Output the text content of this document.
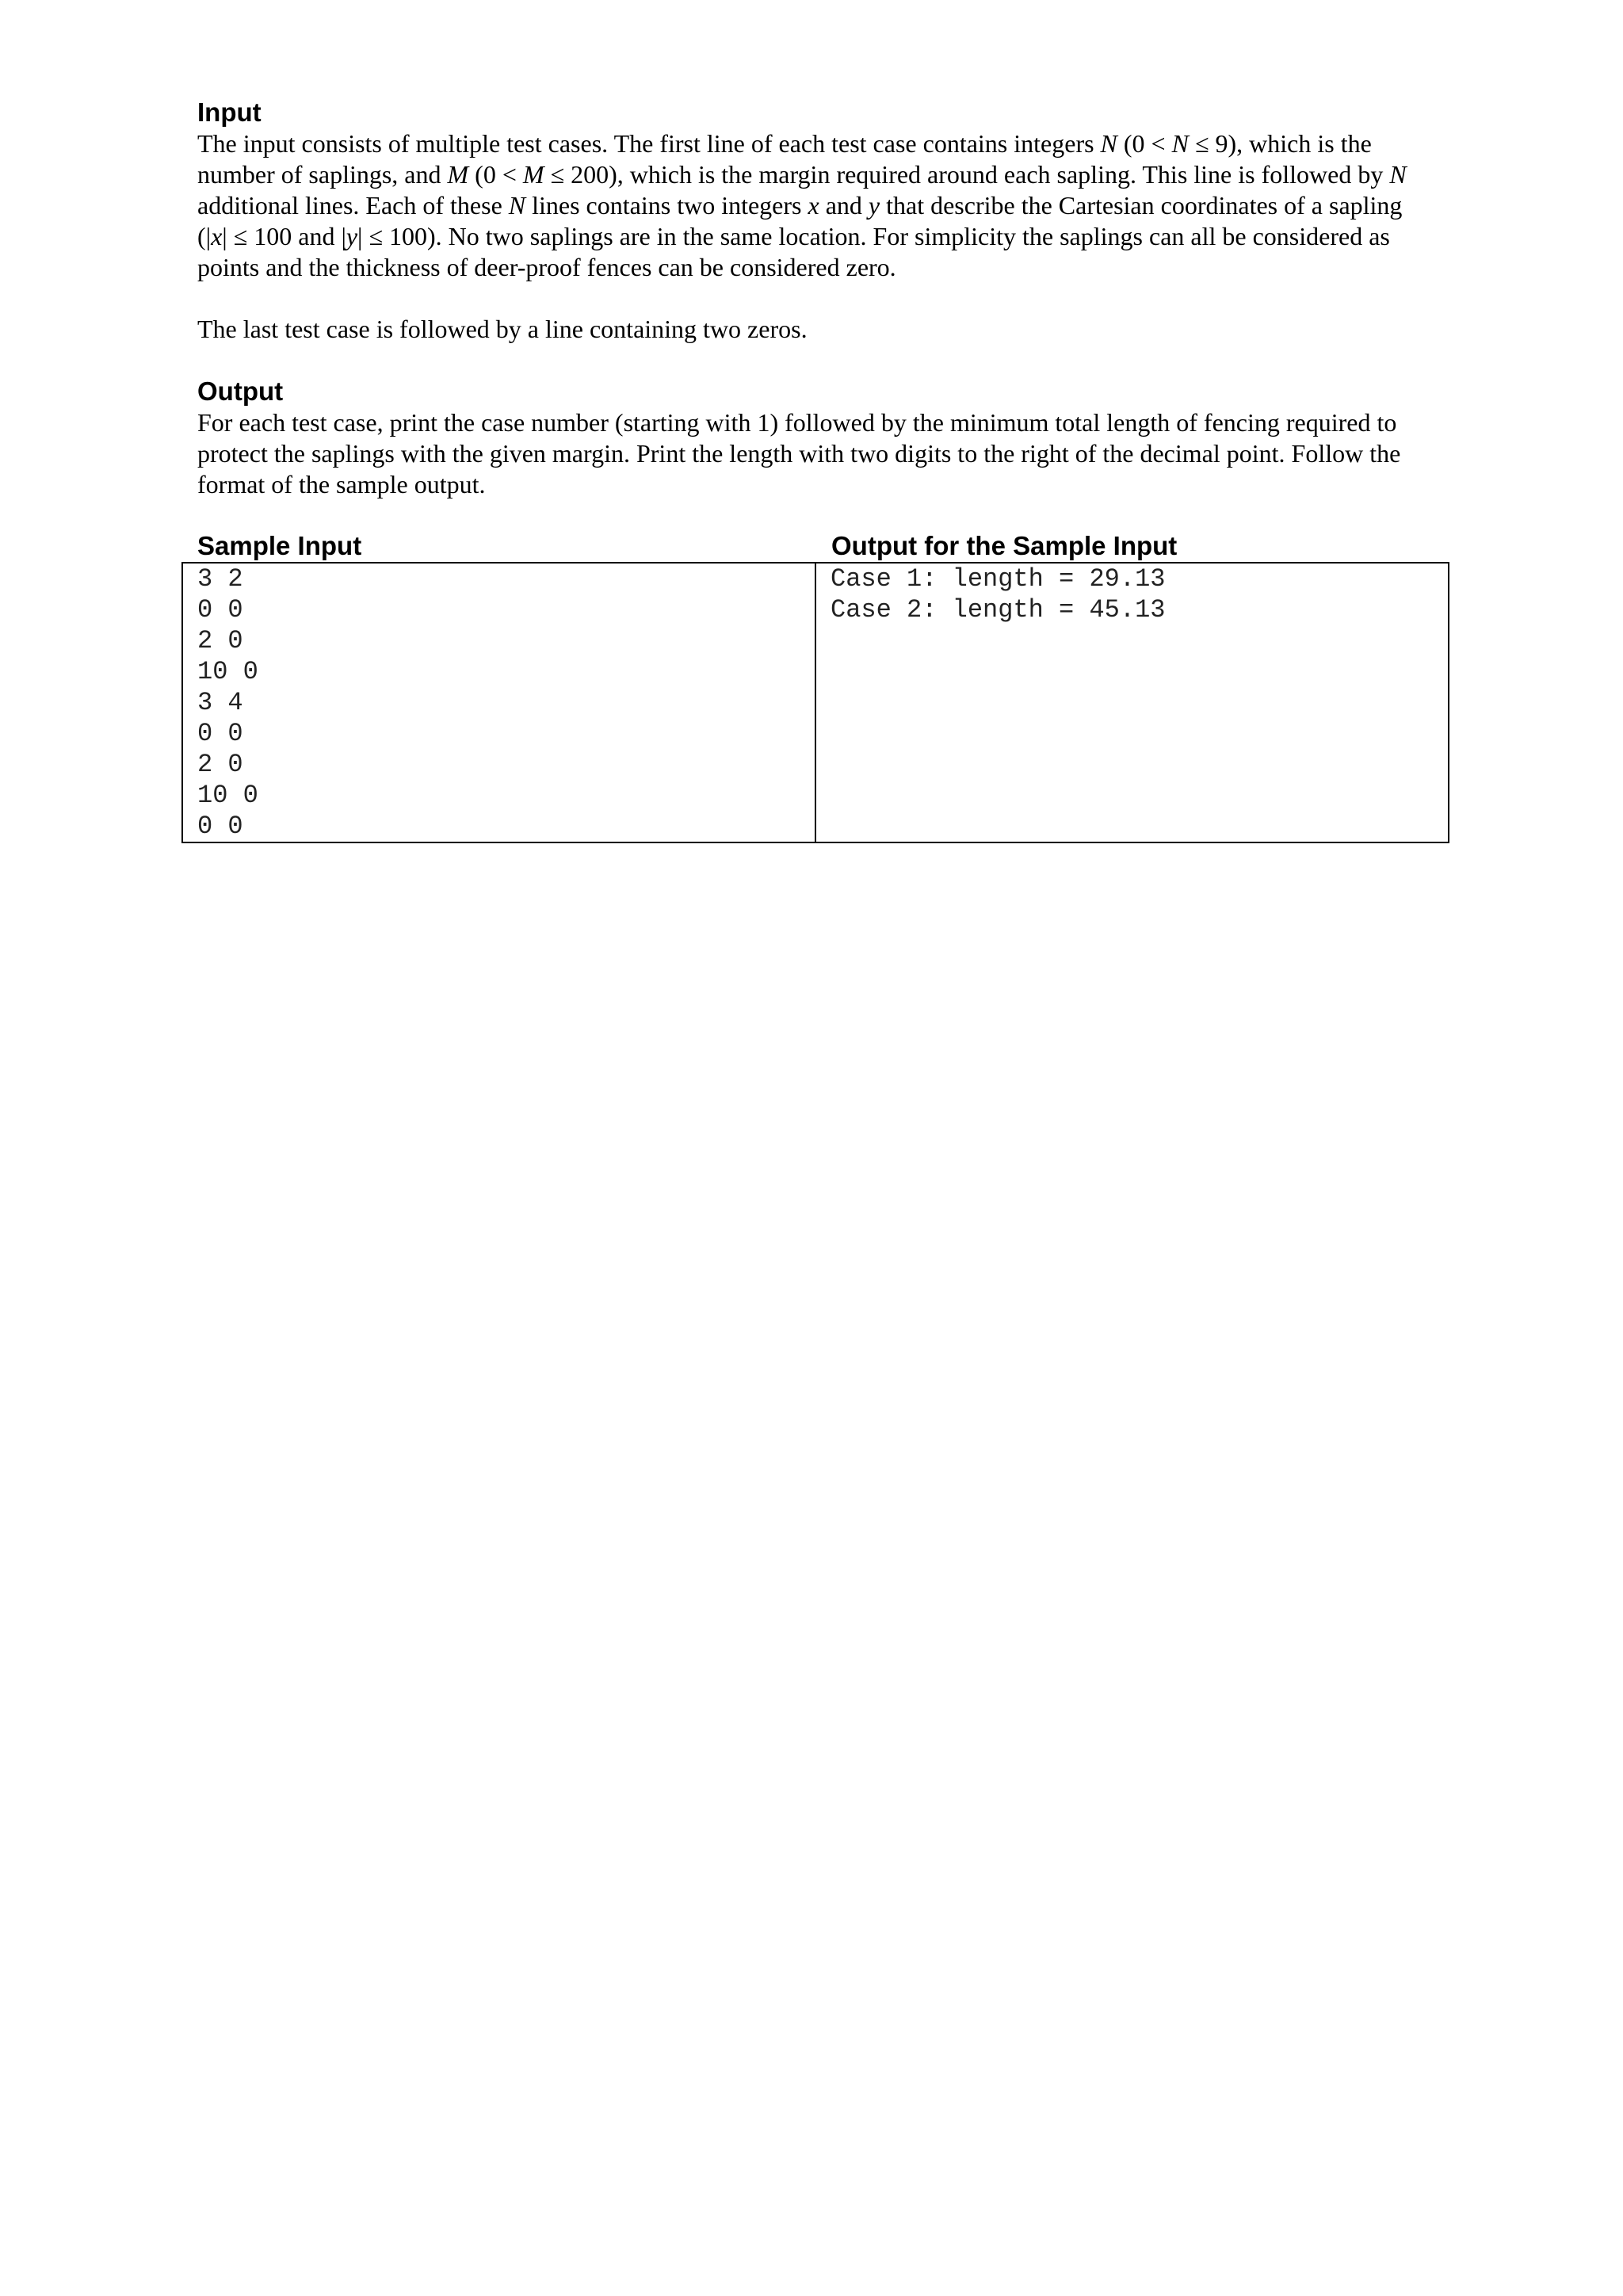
Input

The input consists of multiple test cases. The first line of each test case contains integers N (0 < N ≤ 9), which is the number of saplings, and M (0 < M ≤ 200), which is the margin required around each sapling. This line is followed by N additional lines. Each of these N lines contains two integers x and y that describe the Cartesian coordinates of a sapling (|x| ≤ 100 and |y| ≤ 100). No two saplings are in the same location. For simplicity the saplings can all be considered as points and the thickness of deer-proof fences can be considered zero.

The last test case is followed by a line containing two zeros.

Output

For each test case, print the case number (starting with 1) followed by the minimum total length of fencing required to protect the saplings with the given margin. Print the length with two digits to the right of the decimal point. Follow the format of the sample output.

Sample Input	Output for the Sample Input
3 2
0 0
2 0
10 0
3 4
0 0
2 0
10 0
0 0

Case 1: length = 29.13
Case 2: length = 45.13
